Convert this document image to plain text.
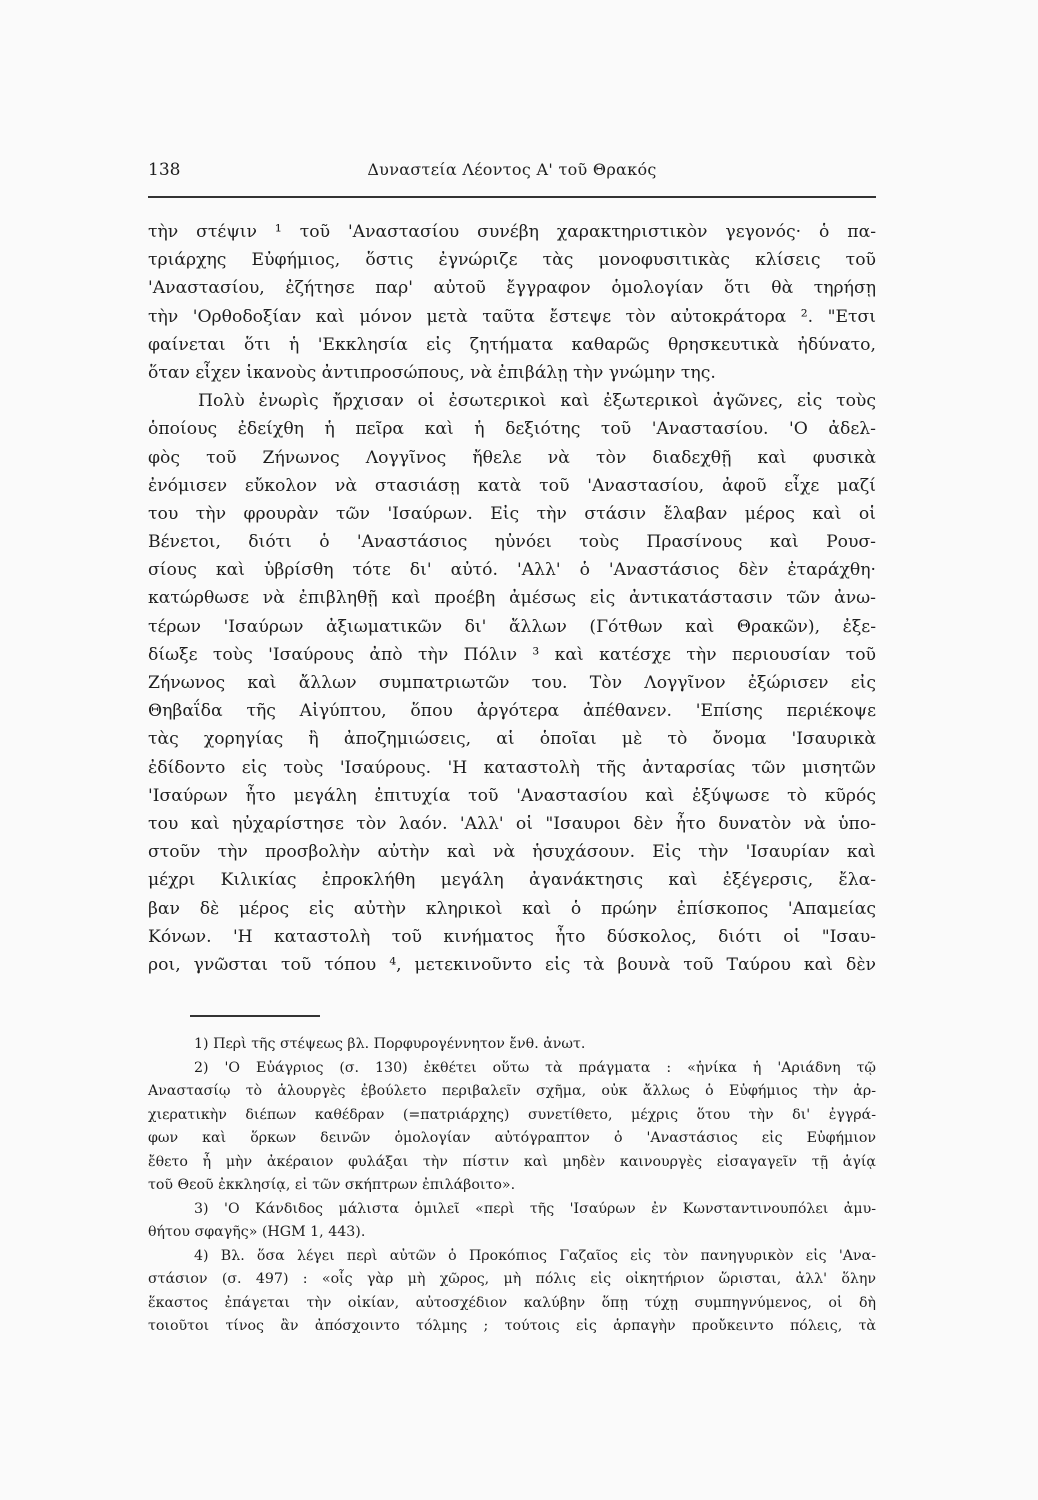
138	Δυναστεία Λέοντος Α' τοῦ Θρακός
τὴν στέψιν ¹ τοῦ 'Αναστασίου συνέβη χαρακτηριστικὸν γεγονός· ὁ πα-
τριάρχης Εὐφήμιος, ὅστις ἐγνώριζε τὰς μονοφυσιτικὰς κλίσεις τοῦ
'Αναστασίου, ἐζήτησε παρ' αὐτοῦ ἔγγραφον ὁμολογίαν ὅτι θὰ τηρήσῃ
τὴν 'Ορθοδοξίαν καὶ μόνον μετὰ ταῦτα ἔστεψε τὸν αὐτοκράτορα ². "Ετσι
φαίνεται ὅτι ἡ 'Εκκλησία εἰς ζητήματα καθαρῶς θρησκευτικὰ ἠδύνατο,
ὅταν εἶχεν ἱκανοὺς ἀντιπροσώπους, νὰ ἐπιβάλῃ τὴν γνώμην της.
Πολὺ ἐνωρὶς ἤρχισαν οἱ ἐσωτερικοὶ καὶ ἐξωτερικοὶ ἀγῶνες, εἰς τοὺς
ὁποίους ἐδείχθη ἡ πεῖρα καὶ ἡ δεξιότης τοῦ 'Αναστασίου. 'Ο ἀδελ-
φὸς τοῦ Ζήνωνος Λογγῖνος ἤθελε νὰ τὸν διαδεχθῇ καὶ φυσικὰ
ἐνόμισεν εὔκολον νὰ στασιάσῃ κατὰ τοῦ 'Αναστασίου, ἀφοῦ εἶχε μαζί
του τὴν φρουρὰν τῶν 'Ισαύρων. Εἰς τὴν στάσιν ἔλαβαν μέρος καὶ οἱ
Βένετοι, διότι ὁ 'Αναστάσιος ηὐνόει τοὺς Πρασίνους καὶ Ρουσ-
σίους καὶ ὑβρίσθη τότε δι' αὐτό. 'Αλλ' ὁ 'Αναστάσιος δὲν ἐταράχθη·
κατώρθωσε νὰ ἐπιβληθῇ καὶ προέβη ἀμέσως εἰς ἀντικατάστασιν τῶν ἀνω-
τέρων 'Ισαύρων ἀξιωματικῶν δι' ἄλλων (Γότθων καὶ Θρακῶν), ἐξε-
δίωξε τοὺς 'Ισαύρους ἀπὸ τὴν Πόλιν ³ καὶ κατέσχε τὴν περιουσίαν τοῦ
Ζήνωνος καὶ ἄλλων συμπατριωτῶν του. Τὸν Λογγῖνον ἐξώρισεν εἰς
Θηβαΐδα τῆς Αἰγύπτου, ὅπου ἀργότερα ἀπέθανεν. 'Επίσης περιέκοψε
τὰς χορηγίας ἢ ἀποζημιώσεις, αἱ ὁποῖαι μὲ τὸ ὄνομα 'Ισαυρικὰ
ἐδίδοντο εἰς τοὺς 'Ισαύρους. 'Η καταστολὴ τῆς ἀνταρσίας τῶν μισητῶν
'Ισαύρων ἦτο μεγάλη ἐπιτυχία τοῦ 'Αναστασίου καὶ ἐξύψωσε τὸ κῦρός
του καὶ ηὐχαρίστησε τὸν λαόν. 'Αλλ' οἱ "Ισαυροι δὲν ἦτο δυνατὸν νὰ ὑπο-
στοῦν τὴν προσβολὴν αὐτὴν καὶ νὰ ἡσυχάσουν. Εἰς τὴν 'Ισαυρίαν καὶ
μέχρι Κιλικίας ἐπροκλήθη μεγάλη ἀγανάκτησις καὶ ἐξέγερσις, ἔλα-
βαν δὲ μέρος εἰς αὐτὴν κληρικοὶ καὶ ὁ πρώην ἐπίσκοπος 'Απαμείας
Κόνων. 'Η καταστολὴ τοῦ κινήματος ἦτο δύσκολος, διότι οἱ "Ισαυ-
ροι, γνῶσται τοῦ τόπου ⁴, μετεκινοῦντο εἰς τὰ βουνὰ τοῦ Ταύρου καὶ δὲν
1) Περὶ τῆς στέψεως βλ. Πορφυρογέννητον ἔνθ. ἀνωτ.
2) 'Ο Εὐάγριος (σ. 130) ἐκθέτει οὕτω τὰ πράγματα : «ἡνίκα ἡ 'Αριάδνη τῷ
Αναστασίῳ τὸ ἁλουργὲς ἐβούλετο περιβαλεῖν σχῆμα, οὐκ ἄλλως ὁ Εὐφήμιος τὴν ἀρ-
χιερατικὴν διέπων καθέδραν (=πατριάρχης) συνετίθετο, μέχρις ὅτου τὴν δι' ἐγγρά-
φων καὶ ὅρκων δεινῶν ὁμολογίαν αὐτόγραπτον ὁ 'Αναστάσιος εἰς Εὐφήμιον
ἔθετο ἦ μὴν ἀκέραιον φυλάξαι τὴν πίστιν καὶ μηδὲν καινουργὲς εἰσαγαγεῖν τῇ ἁγίᾳ
τοῦ Θεοῦ ἐκκλησίᾳ, εἰ τῶν σκήπτρων ἐπιλάβοιτο».
3) 'Ο Κάνδιδος μάλιστα ὁμιλεῖ «περὶ τῆς 'Ισαύρων ἐν Κωνσταντινουπόλει ἀμυ-
θήτου σφαγῆς» (HGM 1, 443).
4) Βλ. ὅσα λέγει περὶ αὐτῶν ὁ Προκόπιος Γαζαῖος εἰς τὸν πανηγυρικὸν εἰς 'Ανα-
στάσιον (σ. 497) : «οἷς γὰρ μὴ χῶρος, μὴ πόλις εἰς οἰκητήριον ὥρισται, ἀλλ' ὅλην
ἕκαστος ἐπάγεται τὴν οἰκίαν, αὐτοσχέδιον καλύβην ὅπῃ τύχῃ συμπηγνύμενος, οἱ δὴ
τοιοῦτοι τίνος ἂν ἀπόσχοιντο τόλμης ; τούτοις εἰς ἁρπαγὴν προὔκειντο πόλεις, τὰ
